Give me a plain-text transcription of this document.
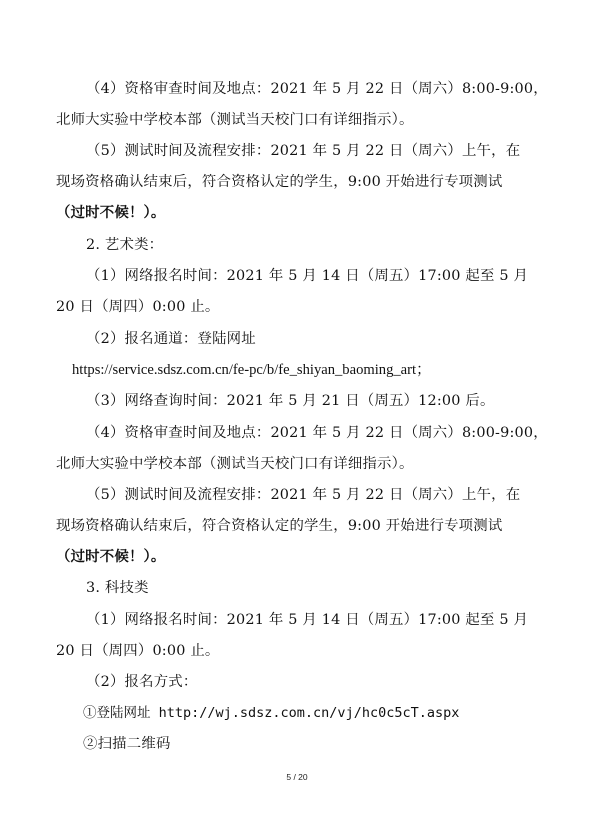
（4）资格审查时间及地点：2021 年 5 月 22 日（周六）8:00-9:00，
北师大实验中学校本部（测试当天校门口有详细指示）。
（5）测试时间及流程安排：2021 年 5 月 22 日（周六）上午，在
现场资格确认结束后，符合资格认定的学生，9:00 开始进行专项测试
（过时不候！）。
2. 艺术类：
（1）网络报名时间：2021 年 5 月 14 日（周五）17:00 起至 5 月
20 日（周四）0:00 止。
（2）报名通道：登陆网址
https://service.sdsz.com.cn/fe-pc/b/fe_shiyan_baoming_art；
（3）网络查询时间：2021 年 5 月 21 日（周五）12:00 后。
（4）资格审查时间及地点：2021 年 5 月 22 日（周六）8:00-9:00，
北师大实验中学校本部（测试当天校门口有详细指示）。
（5）测试时间及流程安排：2021 年 5 月 22 日（周六）上午，在
现场资格确认结束后，符合资格认定的学生，9:00 开始进行专项测试
（过时不候！）。
3. 科技类
（1）网络报名时间：2021 年 5 月 14 日（周五）17:00 起至 5 月
20 日（周四）0:00 止。
（2）报名方式：
①登陆网址 http://wj.sdsz.com.cn/vj/hc0c5cT.aspx
②扫描二维码
5 / 20
